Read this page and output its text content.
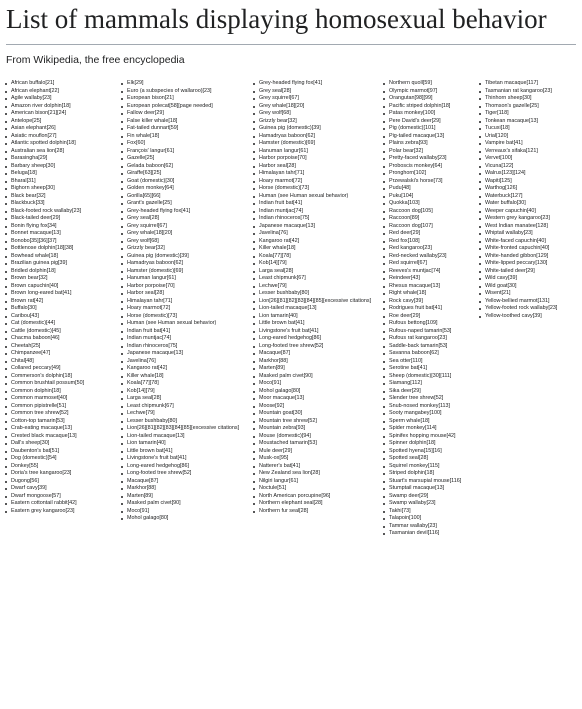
List of mammals displaying homosexual behavior
From Wikipedia, the free encyclopedia
African buffalo[21]
African elephant[22]
Agile wallaby[23]
Amazon river dolphin[18]
American bison[21][24]
Antelope[25]
Asian elephant[26]
Asiatic mouflon[27]
Atlantic spotted dolphin[18]
Australian sea lion[28]
Barasingha[29]
Barbary sheep[30]
Beluga[18]
Bharal[31]
Bighorn sheep[30]
Black bear[32]
Blackbuck[33]
Black-footed rock wallaby[23]
Black-tailed deer[29]
Bonin flying fox[34]
Bonnet macaque[13]
Bonobo[35][36][37]
Bottlenose dolphin[18][38]
Bowhead whale[18]
Brazilian guinea pig[39]
Bridled dolphin[18]
Brown bear[32]
Brown capuchin[40]
Brown long-eared bat[41]
Brown rat[42]
Buffalo[30]
Caribou[43]
Cat (domestic)[44]
Cattle (domestic)[45]
Chacma baboon[46]
Cheetah[25]
Chimpanzee[47]
Chital[48]
Collared peccary[49]
Commerson's dolphin[18]
Common brushtail possum[50]
Common dolphin[18]
Common marmoset[40]
Common pipistrelle[51]
Common tree shrew[52]
Cotton-top tamarin[53]
Crab-eating macaque[13]
Crested black macaque[13]
Dall's sheep[30]
Daubenton's bat[51]
Dog (domestic)[54]
Donkey[55]
Doria's tree kangaroo[23]
Dugong[56]
Dwarf cavy[39]
Dwarf mongoose[57]
Eastern cottontail rabbit[42]
Eastern grey kangaroo[23]
Elk[29]
Euro (a subspecies of wallaroo)[23]
European bison[21]
European polecat[58][page needed]
Fallow deer[29]
False killer whale[18]
Fat-tailed dunnart[59]
Fin whale[18]
Fox[60]
François' langur[61]
Gazelle[25]
Gelada baboon[62]
Giraffe[63][25]
Goat (domestic)[30]
Golden monkey[64]
Gorilla[65][66]
Grant's gazelle[25]
Grey-headed flying fox[41]
Grey seal[28]
Grey squirrel[67]
Grey whale[18][20]
Grey wolf[68]
Grizzly bear[32]
Guinea pig (domestic)[39]
Hamadryas baboon[62]
Hamster (domestic)[69]
Hanuman langur[61]
Harbor porpoise[70]
Harbor seal[28]
Himalayan tahr[71]
Hoary marmot[72]
Horse (domestic)[73]
Human (see Human sexual behavior)
Indian fruit bat[41]
Indian muntjac[74]
Indian rhinoceros[75]
Japanese macaque[13]
Javelina[76]
Kangaroo rat[42]
Killer whale[18]
Koala[77][78]
Kob[14][79]
Larga seal[28]
Least chipmunk[67]
Lechwe[79]
Lesser bushbaby[80]
Lion[26][81][82][83][84][85][excessive citations]
Lion-tailed macaque[13]
Lion tamarin[40]
Little brown bat[41]
Livingstone's fruit bat[41]
Long-eared hedgehog[86]
Long-footed tree shrew[52]
Macaque[87]
Markhor[88]
Marten[89]
Masked palm civet[90]
Moco[91]
Mohol galago[80]
Grey-headed flying fox[41]
Grey seal[28]
Grey squirrel[67]
Grey whale[18][20]
Grey wolf[68]
Grizzly bear[32]
Guinea pig (domestic)[39]
Hamadryas baboon[62]
Hamster (domestic)[69]
Hanuman langur[61]
Harbor porpoise[70]
Harbor seal[28]
Himalayan tahr[71]
Hoary marmot[72]
Horse (domestic)[73]
Human (see Human sexual behavior)
Indian fruit bat[41]
Indian muntjac[74]
Indian rhinoceros[75]
Japanese macaque[13]
Javelina[76]
Kangaroo rat[42]
Killer whale[18]
Koala[77][78]
Kob[14][79]
Larga seal[28]
Least chipmunk[67]
Lechwe[79]
Lesser bushbaby[80]
Lion[26][81][82][83][84][85][excessive citations]
Lion-tailed macaque[13]
Lion tamarin[40]
Little brown bat[41]
Livingstone's fruit bat[41]
Long-eared hedgehog[86]
Long-footed tree shrew[52]
Macaque[87]
Markhor[88]
Marten[89]
Masked palm civet[90]
Moco[91]
Mohol galago[80]
Moor macaque[13]
Moose[92]
Mountain goat[30]
Mountain tree shrew[52]
Mountain zebra[93]
Mouse (domestic)[94]
Moustached tamarin[53]
Mule deer[29]
Musk-ox[95]
Natterer's bat[41]
New Zealand sea lion[28]
Nilgiri langur[61]
Noctule[51]
North American porcupine[96]
Northern elephant seal[28]
Northern fur seal[28]
Northern quoll[59]
Olympic marmot[97]
Orangutan[98][99]
Pacific striped dolphin[18]
Patas monkey[100]
Pere David's deer[29]
Pig (domestic)[101]
Pig-tailed macaque[13]
Plains zebra[93]
Polar bear[32]
Pretty-faced wallaby[23]
Proboscis monkey[64]
Pronghorn[102]
Przewalski's horse[73]
Pudu[48]
Puku[104]
Quokka[103]
Raccoon dog[105]
Raccoon[89]
Raccoon dog[107]
Red deer[29]
Red fox[108]
Red kangaroo[23]
Red-necked wallaby[23]
Red squirrel[67]
Reeves's muntjac[74]
Reindeer[43]
Rhesus macaque[13]
Right whale[18]
Rock cavy[39]
Rodrigues fruit bat[41]
Roe deer[29]
Rufous bettong[109]
Rufous-naped tamarin[53]
Rufous rat kangaroo[23]
Saddle-back tamarin[53]
Savanna baboon[62]
Sea otter[110]
Serotine bat[41]
Sheep (domestic)[30][111]
Siamang[112]
Sika deer[29]
Slender tree shrew[52]
Snub-nosed monkey[113]
Sooty mangabey[100]
Sperm whale[18]
Spider monkey[114]
Spinifex hopping mouse[42]
Spinner dolphin[18]
Spotted hyena[15][16]
Spotted seal[28]
Squirrel monkey[115]
Striped dolphin[18]
Stuart's marsupial mouse[116]
Stumptail macaque[13]
Swamp deer[29]
Swamp wallaby[23]
Takhi[73]
Talapoin[100]
Tammar wallaby[23]
Tasmanian devil[116]
Tibetan macaque[117]
Tasmanian rat kangaroo[23]
Thinhorn sheep[30]
Thomson's gazelle[25]
Tiger[118]
Tonkean macaque[13]
Tucuxi[18]
Urial[120]
Vampire bat[41]
Verreaux's sifaka[121]
Vervet[100]
Vicuna[122]
Walrus[123][124]
Wapiti[125]
Warthog[126]
Waterbuck[127]
Water buffalo[30]
Weeper capuchin[40]
Western grey kangaroo[23]
West Indian manatee[128]
Whiptail wallaby[23]
White-faced capuchin[40]
White-fronted capuchin[40]
White-handed gibbon[129]
White-lipped peccary[130]
White-tailed deer[29]
Wild cavy[39]
Wild goat[30]
Wisent[21]
Yellow-bellied marmot[131]
Yellow-footed rock wallaby[23]
Yellow-toothed cavy[39]
